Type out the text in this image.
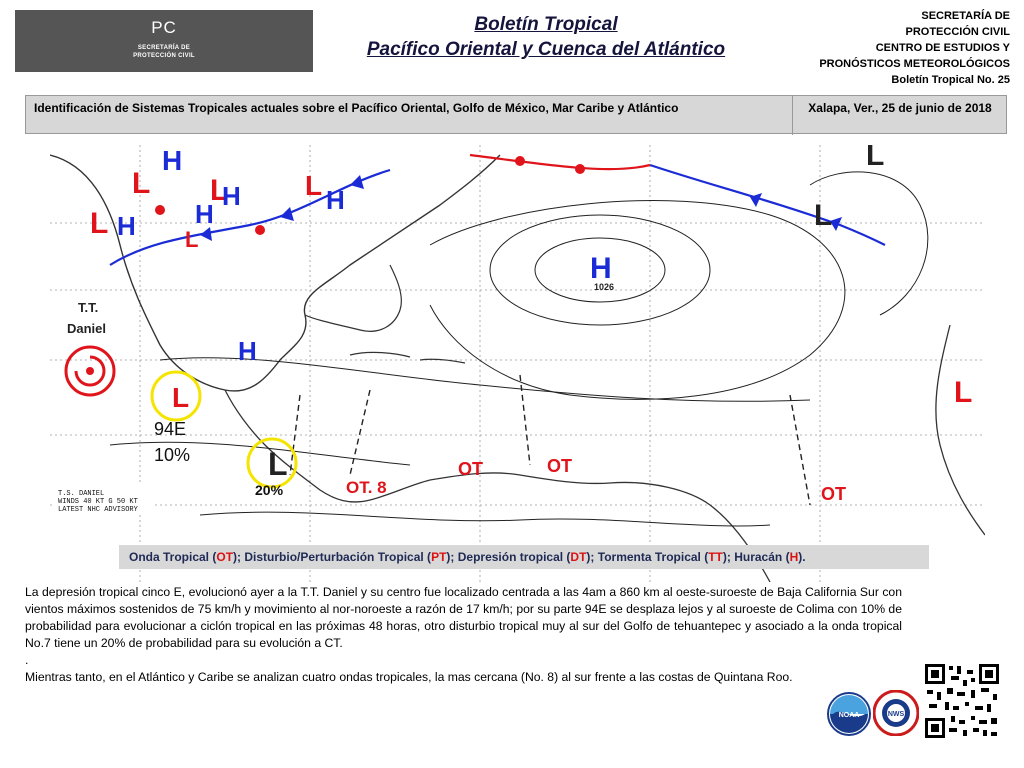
PC
SECRETARÍA DE
PROTECCIÓN CIVIL
Boletín Tropical
Pacífico Oriental y Cuenca del Atlántico
SECRETARÍA DE
PROTECCIÓN CIVIL
CENTRO DE ESTUDIOS Y
PRONÓSTICOS METEOROLÓGICOS
Boletín Tropical No. 25
Identificación de Sistemas Tropicales actuales sobre el Pacífico Oriental, Golfo de México, Mar Caribe y Atlántico	Xalapa, Ver., 25 de junio de 2018
H
L L
H L H
L H H
L
H
L
L
H
1026
L
L
L
T.T.
Daniel
94E
10%
20%	OT. 8
OT	OT
OT
T.S. DANIEL
WINDS 40 KT G 50 KT
LATEST NHC ADVISORY
Onda Tropical (OT); Disturbio/Perturbación Tropical (PT); Depresión tropical (DT); Tormenta Tropical (TT); Huracán (H).

La depresión tropical cinco E, evolucionó ayer a la T.T. Daniel y su centro fue localizado centrada a las 4am a 860 km al oeste-suroeste de Baja California Sur con vientos máximos sostenidos de 75 km/h y movimiento al nor-noroeste a razón de 17 km/h; por su parte 94E se desplaza lejos y al suroeste de Colima con 10% de probabilidad para evolucionar a ciclón tropical en las próximas 48 horas, otro disturbio tropical muy al sur del Golfo de tehuantepec y asociado a la onda tropical No.7 tiene un 20% de probabilidad para su evolución a CT.

.

Mientras tanto, en el Atlántico y Caribe se analizan cuatro ondas tropicales, la mas cercana (No. 8) al sur frente a las costas de Quintana Roo.

NOAA	NWS
